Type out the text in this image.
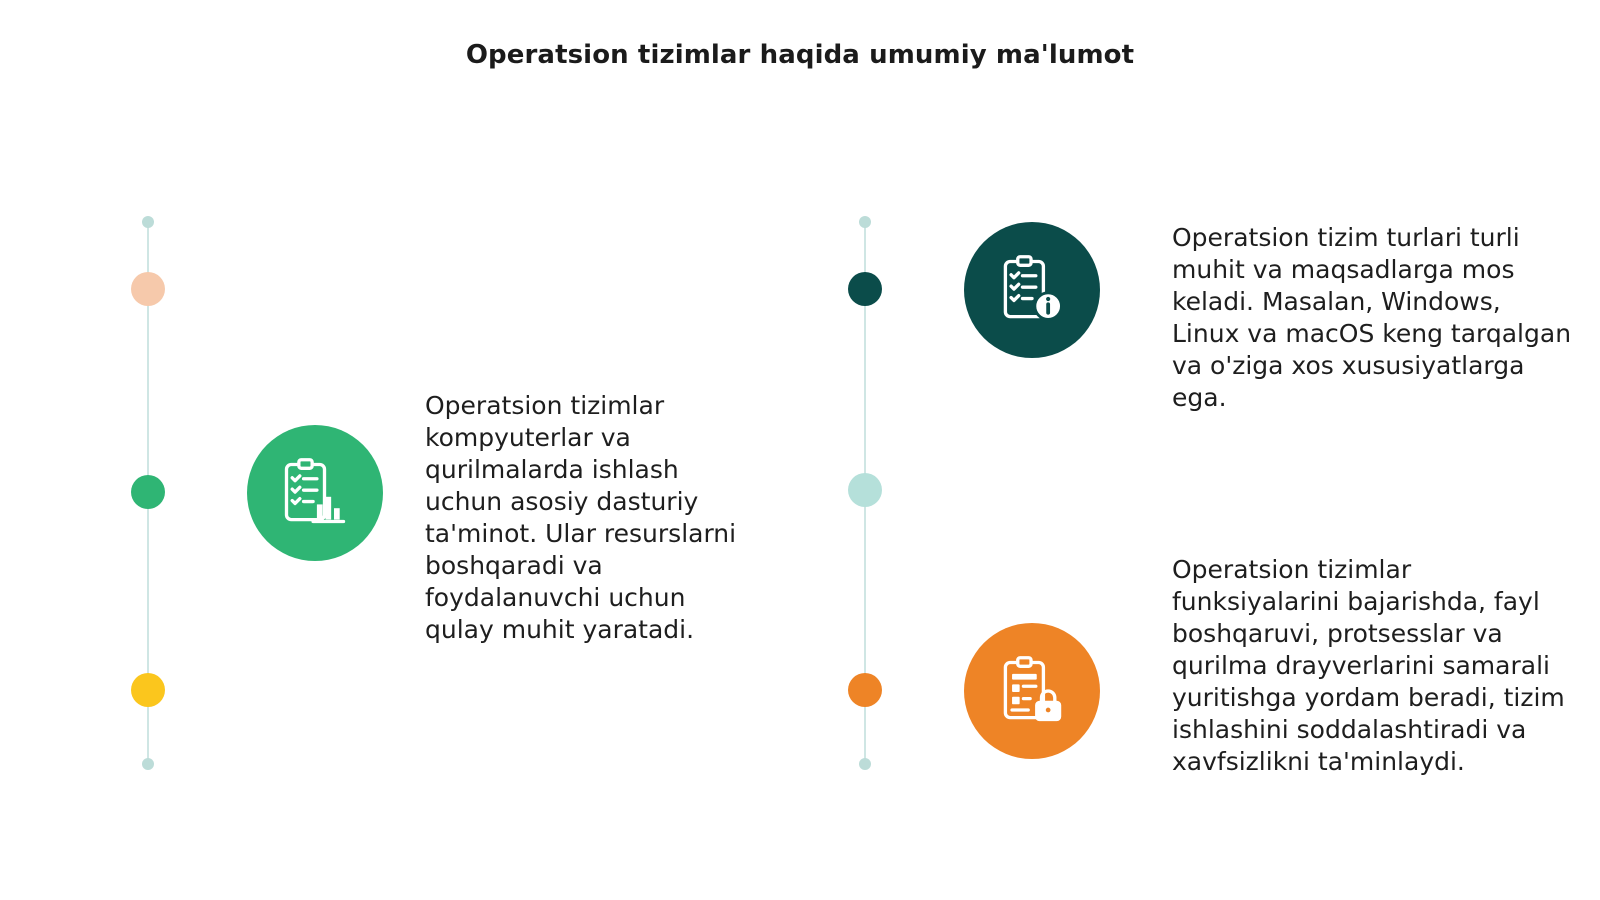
Operatsion tizimlar haqida umumiy ma'lumot

Operatsion tizimlar kompyuterlar va qurilmalarda ishlash uchun asosiy dasturiy ta'minot. Ular resurslarni boshqaradi va foydalanuvchi uchun qulay muhit yaratadi.

Operatsion tizim turlari turli muhit va maqsadlarga mos keladi. Masalan, Windows, Linux va macOS keng tarqalgan va o'ziga xos xususiyatlarga ega.

Operatsion tizimlar funksiyalarini bajarishda, fayl boshqaruvi, protsesslar va qurilma drayverlarini samarali yuritishga yordam beradi, tizim ishlashini soddalashtiradi va xavfsizlikni ta'minlaydi.
